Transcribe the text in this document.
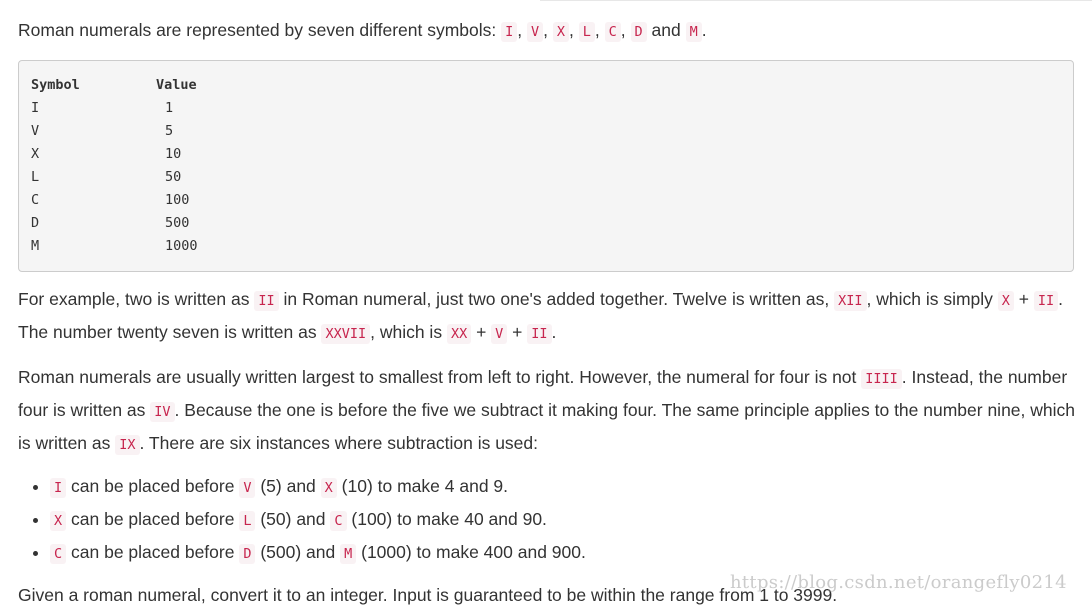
Roman numerals are represented by seven different symbols: I , V , X , L , C , D and M .

Symbol	Value
I	1
V	5
X	10
L	50
C	100
D	500
M	1000

For example, two is written as II in Roman numeral, just two one's added together. Twelve is written as, XII , which is simply X + II . The number twenty seven is written as XXVII , which is XX + V + II .

Roman numerals are usually written largest to smallest from left to right. However, the numeral for four is not IIII . Instead, the number four is written as IV . Because the one is before the five we subtract it making four. The same principle applies to the number nine, which is written as IX . There are six instances where subtraction is used:

• I can be placed before V (5) and X (10) to make 4 and 9.
• X can be placed before L (50) and C (100) to make 40 and 90.
• C can be placed before D (500) and M (1000) to make 400 and 900.

Given a roman numeral, convert it to an integer. Input is guaranteed to be within the range from 1 to 3999.

https://blog.csdn.net/orangefly0214
